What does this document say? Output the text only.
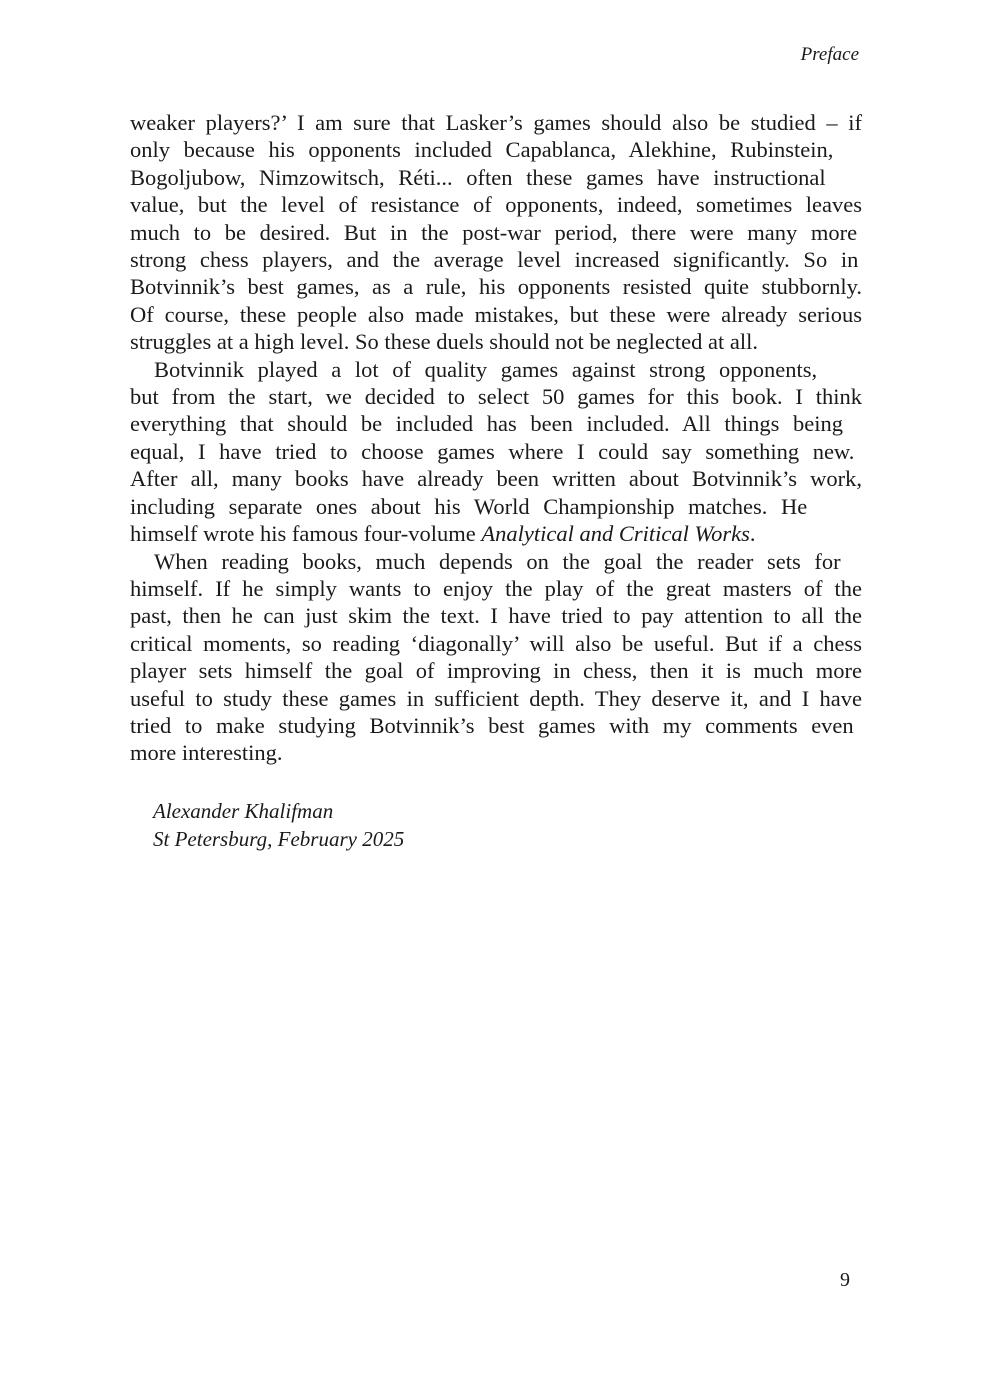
Preface

weaker players?’ I am sure that Lasker’s games should also be studied – if
only because his opponents included Capablanca, Alekhine, Rubinstein,
Bogoljubow, Nimzowitsch, Réti... often these games have instructional
value, but the level of resistance of opponents, indeed, sometimes leaves
much to be desired. But in the post-war period, there were many more
strong chess players, and the average level increased significantly. So in
Botvinnik’s best games, as a rule, his opponents resisted quite stubbornly.
Of course, these people also made mistakes, but these were already serious
struggles at a high level. So these duels should not be neglected at all.

Botvinnik played a lot of quality games against strong opponents,
but from the start, we decided to select 50 games for this book. I think
everything that should be included has been included. All things being
equal, I have tried to choose games where I could say something new.
After all, many books have already been written about Botvinnik’s work,
including separate ones about his World Championship matches. He
himself wrote his famous four-volume Analytical and Critical Works.

When reading books, much depends on the goal the reader sets for
himself. If he simply wants to enjoy the play of the great masters of the
past, then he can just skim the text. I have tried to pay attention to all the
critical moments, so reading ‘diagonally’ will also be useful. But if a chess
player sets himself the goal of improving in chess, then it is much more
useful to study these games in sufficient depth. They deserve it, and I have
tried to make studying Botvinnik’s best games with my comments even
more interesting.

Alexander Khalifman
St Petersburg, February 2025
9
